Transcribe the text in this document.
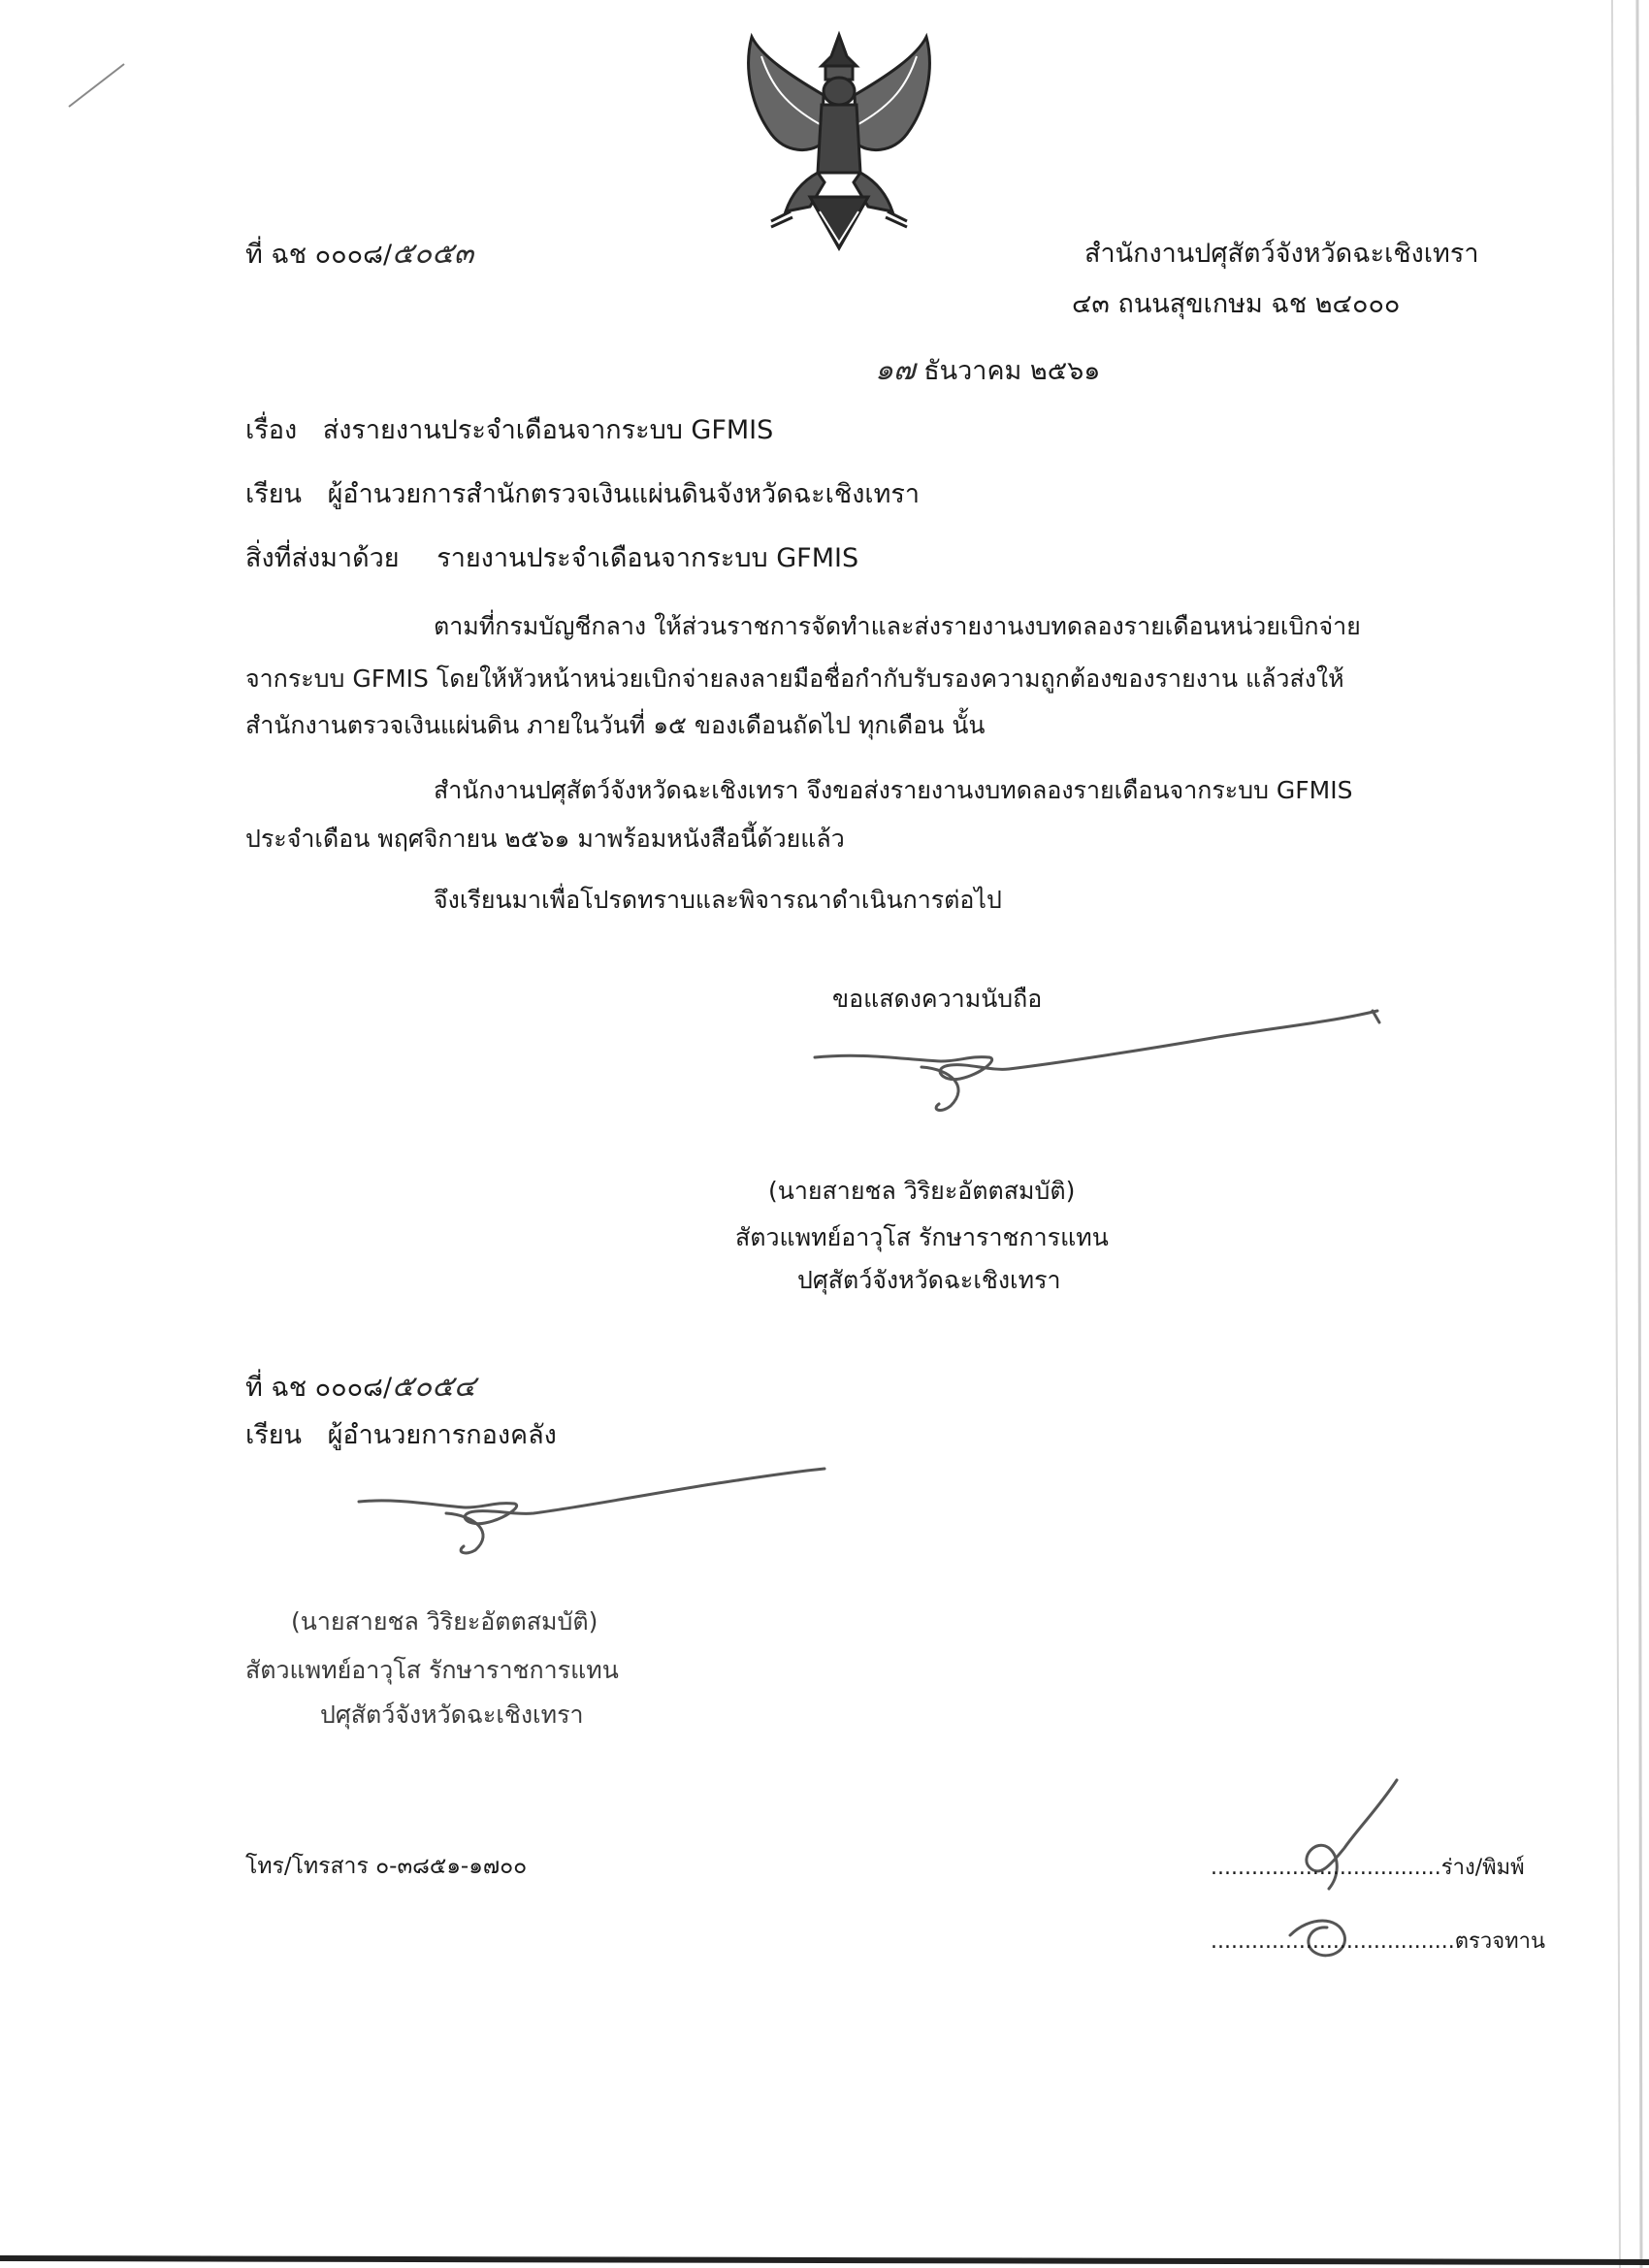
ที่ ฉช ๐๐๐๘/๕๐๕๓	สำนักงานปศุสัตว์จังหวัดฉะเชิงเทรา
๔๓ ถนนสุขเกษม ฉช ๒๔๐๐๐
๑๗ ธันวาคม ๒๕๖๑
เรื่อง ส่งรายงานประจำเดือนจากระบบ GFMIS
เรียน ผู้อำนวยการสำนักตรวจเงินแผ่นดินจังหวัดฉะเชิงเทรา
สิ่งที่ส่งมาด้วย รายงานประจำเดือนจากระบบ GFMIS
ตามที่กรมบัญชีกลาง ให้ส่วนราชการจัดทำและส่งรายงานงบทดลองรายเดือนหน่วยเบิกจ่าย
จากระบบ GFMIS โดยให้หัวหน้าหน่วยเบิกจ่ายลงลายมือชื่อกำกับรับรองความถูกต้องของรายงาน แล้วส่งให้
สำนักงานตรวจเงินแผ่นดิน ภายในวันที่ ๑๕ ของเดือนถัดไป ทุกเดือน นั้น
สำนักงานปศุสัตว์จังหวัดฉะเชิงเทรา จึงขอส่งรายงานงบทดลองรายเดือนจากระบบ GFMIS
ประจำเดือน พฤศจิกายน ๒๕๖๑ มาพร้อมหนังสือนี้ด้วยแล้ว
จึงเรียนมาเพื่อโปรดทราบและพิจารณาดำเนินการต่อไป
ขอแสดงความนับถือ
(นายสายชล วิริยะอัตตสมบัติ)
สัตวแพทย์อาวุโส รักษาราชการแทน
ปศุสัตว์จังหวัดฉะเชิงเทรา
ที่ ฉช ๐๐๐๘/๕๐๕๔
เรียน ผู้อำนวยการกองคลัง
(นายสายชล วิริยะอัตตสมบัติ)
สัตวแพทย์อาวุโส รักษาราชการแทน
ปศุสัตว์จังหวัดฉะเชิงเทรา
โทร/โทรสาร ๐-๓๘๕๑-๑๗๐๐	..................................ร่าง/พิมพ์
....................................ตรวจทาน
